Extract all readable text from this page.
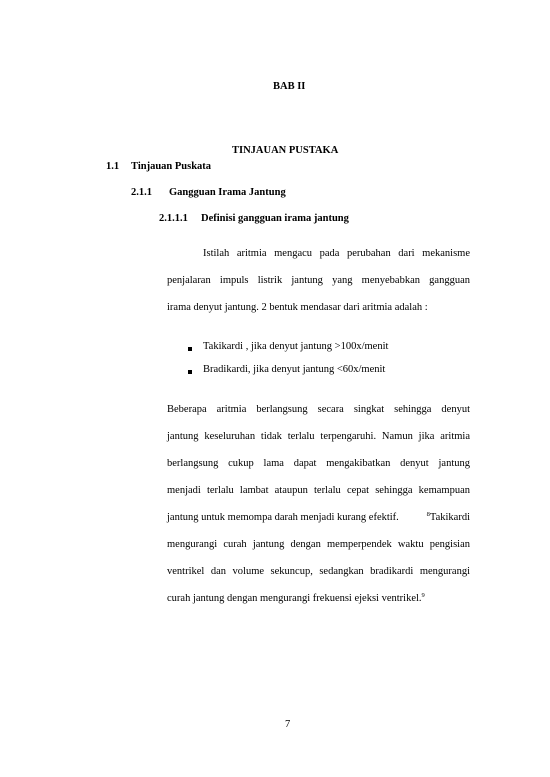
BAB II
TINJAUAN PUSTAKA
1.1 Tinjauan Puskata
2.1.1 Gangguan Irama Jantung
2.1.1.1 Definisi gangguan irama jantung
Istilah aritmia mengacu pada perubahan dari mekanisme
penjalaran impuls listrik jantung yang menyebabkan gangguan
irama denyut jantung. 2 bentuk mendasar dari aritmia adalah :
Takikardi , jika denyut jantung >100x/menit
Bradikardi, jika denyut jantung <60x/menit
Beberapa aritmia berlangsung secara singkat sehingga denyut
jantung keseluruhan tidak terlalu terpengaruhi. Namun jika aritmia
berlangsung cukup lama dapat mengakibatkan denyut jantung
menjadi terlalu lambat ataupun terlalu cepat sehingga kemampuan
jantung untuk memompa darah menjadi kurang efektif.	$^8$Takikardi
mengurangi curah jantung dengan memperpendek waktu pengisian
ventrikel dan volume sekuncup, sedangkan bradikardi mengurangi
curah jantung dengan mengurangi frekuensi ejeksi ventrikel.$^9$
7
